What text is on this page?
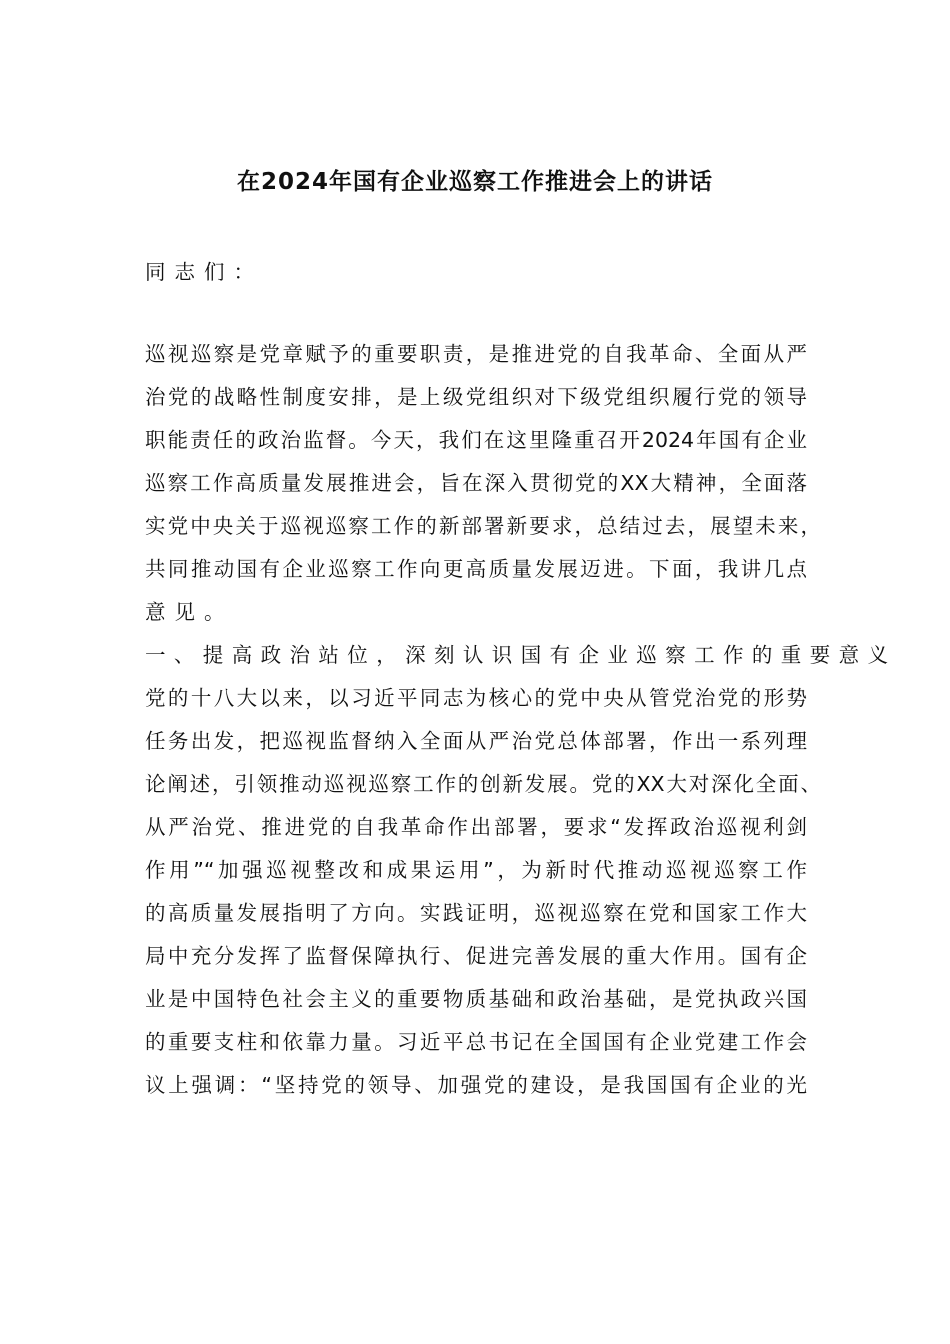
在2024年国有企业巡察工作推进会上的讲话
同志们：
巡视巡察是党章赋予的重要职责，是推进党的自我革命、全面从严
治党的战略性制度安排，是上级党组织对下级党组织履行党的领导
职能责任的政治监督。今天，我们在这里隆重召开2024年国有企业
巡察工作高质量发展推进会，旨在深入贯彻党的XX大精神，全面落
实党中央关于巡视巡察工作的新部署新要求，总结过去，展望未来，
共同推动国有企业巡察工作向更高质量发展迈进。下面，我讲几点
意见。
一、提高政治站位，深刻认识国有企业巡察工作的重要意义
党的十八大以来，以习近平同志为核心的党中央从管党治党的形势
任务出发，把巡视监督纳入全面从严治党总体部署，作出一系列理
论阐述，引领推动巡视巡察工作的创新发展。党的XX大对深化全面、
从严治党、推进党的自我革命作出部署，要求“发挥政治巡视利剑
作用”“加强巡视整改和成果运用”，为新时代推动巡视巡察工作
的高质量发展指明了方向。实践证明，巡视巡察在党和国家工作大
局中充分发挥了监督保障执行、促进完善发展的重大作用。国有企
业是中国特色社会主义的重要物质基础和政治基础，是党执政兴国
的重要支柱和依靠力量。习近平总书记在全国国有企业党建工作会
议上强调：“坚持党的领导、加强党的建设，是我国国有企业的光
